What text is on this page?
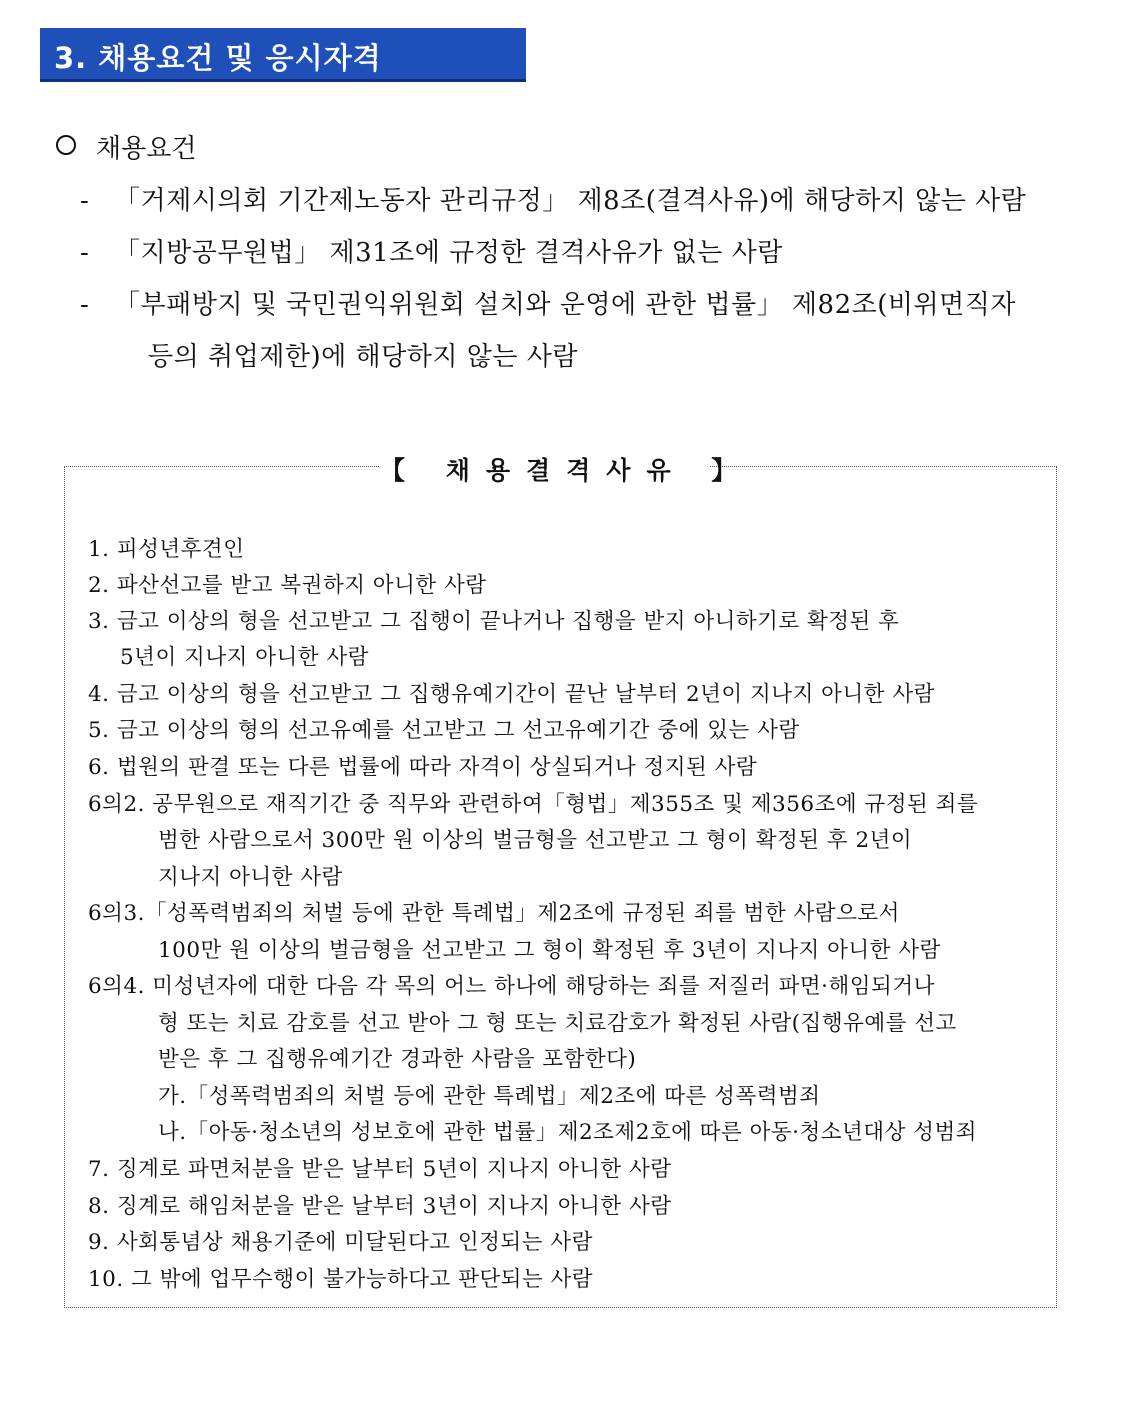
3. 채용요건 및 응시자격
채용요건
- 「거제시의회 기간제노동자 관리규정」 제8조(결격사유)에 해당하지 않는 사람
- 「지방공무원법」 제31조에 규정한 결격사유가 없는 사람
- 「부패방지 및 국민권익위원회 설치와 운영에 관한 법률」 제82조(비위면직자
등의 취업제한)에 해당하지 않는 사람
【 채용결격사유 】
1. 피성년후견인
2. 파산선고를 받고 복권하지 아니한 사람
3. 금고 이상의 형을 선고받고 그 집행이 끝나거나 집행을 받지 아니하기로 확정된 후
5년이 지나지 아니한 사람
4. 금고 이상의 형을 선고받고 그 집행유예기간이 끝난 날부터 2년이 지나지 아니한 사람
5. 금고 이상의 형의 선고유예를 선고받고 그 선고유예기간 중에 있는 사람
6. 법원의 판결 또는 다른 법률에 따라 자격이 상실되거나 정지된 사람
6의2. 공무원으로 재직기간 중 직무와 관련하여「형법」제355조 및 제356조에 규정된 죄를
범한 사람으로서 300만 원 이상의 벌금형을 선고받고 그 형이 확정된 후 2년이
지나지 아니한 사람
6의3.「성폭력범죄의 처벌 등에 관한 특례법」제2조에 규정된 죄를 범한 사람으로서
100만 원 이상의 벌금형을 선고받고 그 형이 확정된 후 3년이 지나지 아니한 사람
6의4. 미성년자에 대한 다음 각 목의 어느 하나에 해당하는 죄를 저질러 파면·해임되거나
형 또는 치료 감호를 선고 받아 그 형 또는 치료감호가 확정된 사람(집행유예를 선고
받은 후 그 집행유예기간 경과한 사람을 포함한다)
가.「성폭력범죄의 처벌 등에 관한 특례법」제2조에 따른 성폭력범죄
나.「아동·청소년의 성보호에 관한 법률」제2조제2호에 따른 아동·청소년대상 성범죄
7. 징계로 파면처분을 받은 날부터 5년이 지나지 아니한 사람
8. 징계로 해임처분을 받은 날부터 3년이 지나지 아니한 사람
9. 사회통념상 채용기준에 미달된다고 인정되는 사람
10. 그 밖에 업무수행이 불가능하다고 판단되는 사람
